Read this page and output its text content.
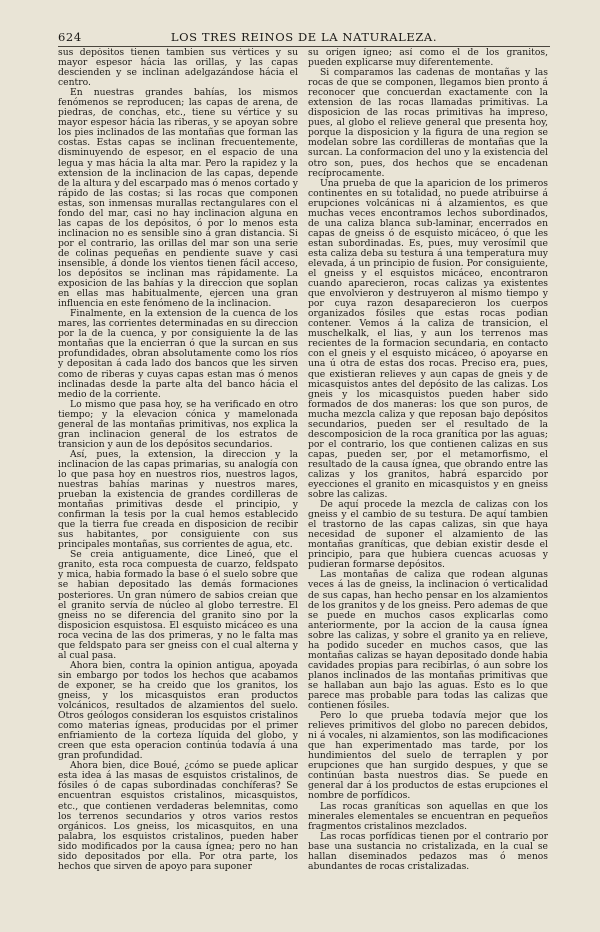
624	LOS TRES REINOS DE LA NATURALEZA.

sus depósitos tienen tambien sus vértices y su mayor espesor hácia las orillas, y las capas descienden y se inclinan adelgazándose hácia el centro.

En nuestras grandes bahías, los mismos fenómenos se reproducen; las capas de arena, de piedras, de conchas, etc., tiene su vértice y su mayor espesor hácia las riberas, y se apoyan sobre los pies inclinados de las montañas que forman las costas. Estas capas se inclinan frecuentemente, disminuyendo de espesor, en el espacio de una legua y mas hácia la alta mar. Pero la rapidez y la extension de la inclinacion de las capas, depende de la altura y del escarpado mas ó menos cortado y rápido de las costas; si las rocas que componen estas, son inmensas murallas rectangulares con el fondo del mar, casi no hay inclinacion alguna en las capas de los depósitos, ó por lo menos esta inclinacion no es sensible sino á gran distancia. Si por el contrario, las orillas del mar son una serie de colinas pequeñas en pendiente suave y casi insensible, á donde los vientos tienen fácil acceso, los depósitos se inclinan mas rápidamente. La exposicion de las bahías y la direccion que soplan en ellas mas habitualmente, ejercen una gran influencia en este fenómeno de la inclinacion.

Finalmente, en la extension de la cuenca de los mares, las corrientes determinadas en su direccion por la de la cuenca, y por consiguiente la de las montañas que la encierran ó que la surcan en sus profundidades, obran absolutamente como los ríos y depositan á cada lado dos bancos que les sirven como de riberas y cuyas capas estan mas ó menos inclinadas desde la parte alta del banco hácia el medio de la corriente.

Lo mismo que pasa hoy, se ha verificado en otro tiempo; y la elevacion cónica y mamelonada general de las montañas primitivas, nos explica la gran inclinacion general de los estratos de transicion y aun de los depósitos secundarios.

Así, pues, la extension, la direccion y la inclinacion de las capas primarias, su analogía con lo que pasa hoy en nuestros rios, nuestros lagos, nuestras bahías marinas y nuestros mares, prueban la existencia de grandes cordilleras de montañas primitivas desde el principio, y confirman la tesis por la cual hemos establecido que la tierra fue creada en disposicion de recibir sus habitantes, por consiguiente con sus principales montañas, sus corrientes de agua, etc.

Se creia antiguamente, dice Lineó, que el granito, esta roca compuesta de cuarzo, feldspato y mica, habia formado la base ó el suelo sobre que se habian depositado las demás formaciones posteriores. Un gran número de sabios creian que el granito servía de núcleo al globo terrestre. El gneiss no se diferencia del granito sino por la disposicion esquistosa. El esquisto micáceo es una roca vecina de las dos primeras, y no le falta mas que feldspato para ser gneiss con el cual alterna y al cual pasa.

Ahora bien, contra la opinion antigua, apoyada sin embargo por todos los hechos que acabamos de exponer, se ha creido que los granitos, los gneiss, y los micasquistos eran productos volcánicos, resultados de alzamientos del suelo. Otros geólogos consideran los esquistos cristalinos como materias ígneas, producidas por el primer enfriamiento de la corteza líquida del globo, y creen que esta operacion continúa todavía á una gran profundidad.

Ahora bien, dice Boué, ¿cómo se puede aplicar esta idea á las masas de esquistos cristalinos, de fósiles ó de capas subordinadas conchíferas? Se encuentran esquistos cristalinos, micasquistos, etc., que contienen verdaderas belemnitas, como los terrenos secundarios y otros varios restos orgánicos. Los gneiss, los micasquitos, en una palabra, los esquistos cristalinos, pueden haber sido modificados por la causa ígnea; pero no han sido depositados por ella. Por otra parte, los hechos que sirven de apoyo para suponer

su orígen ígneo; así como el de los granitos, pueden explicarse muy diferentemente.

Si comparamos las cadenas de montañas y las rocas de que se componen, llegamos bien pronto á reconocer que concuerdan exactamente con la extension de las rocas llamadas primitivas. La disposicion de las rocas primitivas ha impreso, pues, al globo el relieve general que presenta hoy, porque la disposicion y la figura de una region se modelan sobre las cordilleras de montañas que la surcan. La conformacion del uno y la existencia del otro son, pues, dos hechos que se encadenan recíprocamente.

Una prueba de que la aparicion de los primeros continentes en su totalidad, no puede atribuirse á erupciones volcánicas ni á alzamientos, es que muchas veces encontramos lechos subordinados, de una caliza blanca sub-laminar, encerrados en capas de gneiss ó de esquisto micáceo, ó que les estan subordinadas. Es, pues, muy verosímil que esta caliza deba su testura á una temperatura muy elevada, á un principio de fusion. Por consiguiente, el gneiss y el esquistos micáceo, encontraron cuando aparecieron, rocas calizas ya existentes que envolvieron y destruyeron al mismo tiempo y por cuya razon desaparecieron los cuerpos organizados fósiles que estas rocas podian contener. Vemos á la caliza de transicion, el muschelkalk, el lias, y aun los terrenos mas recientes de la formacion secundaria, en contacto con el gneis y el esquisto micáceo, ó apoyarse en una ú otra de estas dos rocas. Preciso era, pues, que existieran relieves y aun capas de gneis y de micasquistos antes del depósito de las calizas. Los gneis y los micasquistos pueden haber sido formados de dos maneras: los que son puros, de mucha mezcla caliza y que reposan bajo depósitos secundarios, pueden ser el resultado de la descomposicion de la roca granítica por las aguas; por el contrario, los que contienen calizas en sus capas, pueden ser, por el metamorfismo, el resultado de la causa ígnea, que obrando entre las calizas y los granitos, habrá esparcido por eyecciones el granito en micasquistos y en gneiss sobre las calizas.

De aquí procede la mezcla de calizas con los gneiss y el cambio de su testura. De aquí tambien el trastorno de las capas calizas, sin que haya necesidad de suponer el alzamiento de las montañas graníticas, que debian existir desde el principio, para que hubiera cuencas acuosas y pudieran formarse depósitos.

Las montañas de caliza que rodean algunas veces á las de gneiss, la inclinacion ó verticalidad de sus capas, han hecho pensar en los alzamientos de los granitos y de los gneiss. Pero ademas de que se puede en muchos casos explicarlas como anteriormente, por la accion de la causa ígnea sobre las calizas, y sobre el granito ya en relieve, ha podido suceder en muchos casos, que las montañas calizas se hayan depositado donde habia cavidades propias para recibirlas, ó aun sobre los planos inclinados de las montañas primitivas que se hallaban aun bajo las aguas. Esto es lo que parece mas probable para todas las calizas que contienen fósiles.

Pero lo que prueba todavía mejor que los relieves primitivos del globo no parecen debidos, ni á vocales, ni alzamientos, son las modificaciones que han experimentado mas tarde, por los hundimientos del suelo de terraplen y por erupciones que han surgido despues, y que se continúan basta nuestros dias. Se puede en general dar á los productos de estas erupciones el nombre de porfídicos.

Las rocas graníticas son aquellas en que los minerales elementales se encuentran en pequeños fragmentos cristalinos mezclados.

Las rocas porfídicas tienen por el contrario por base una sustancia no cristalizada, en la cual se hallan diseminados pedazos mas ó menos abundantes de rocas cristalizadas.
